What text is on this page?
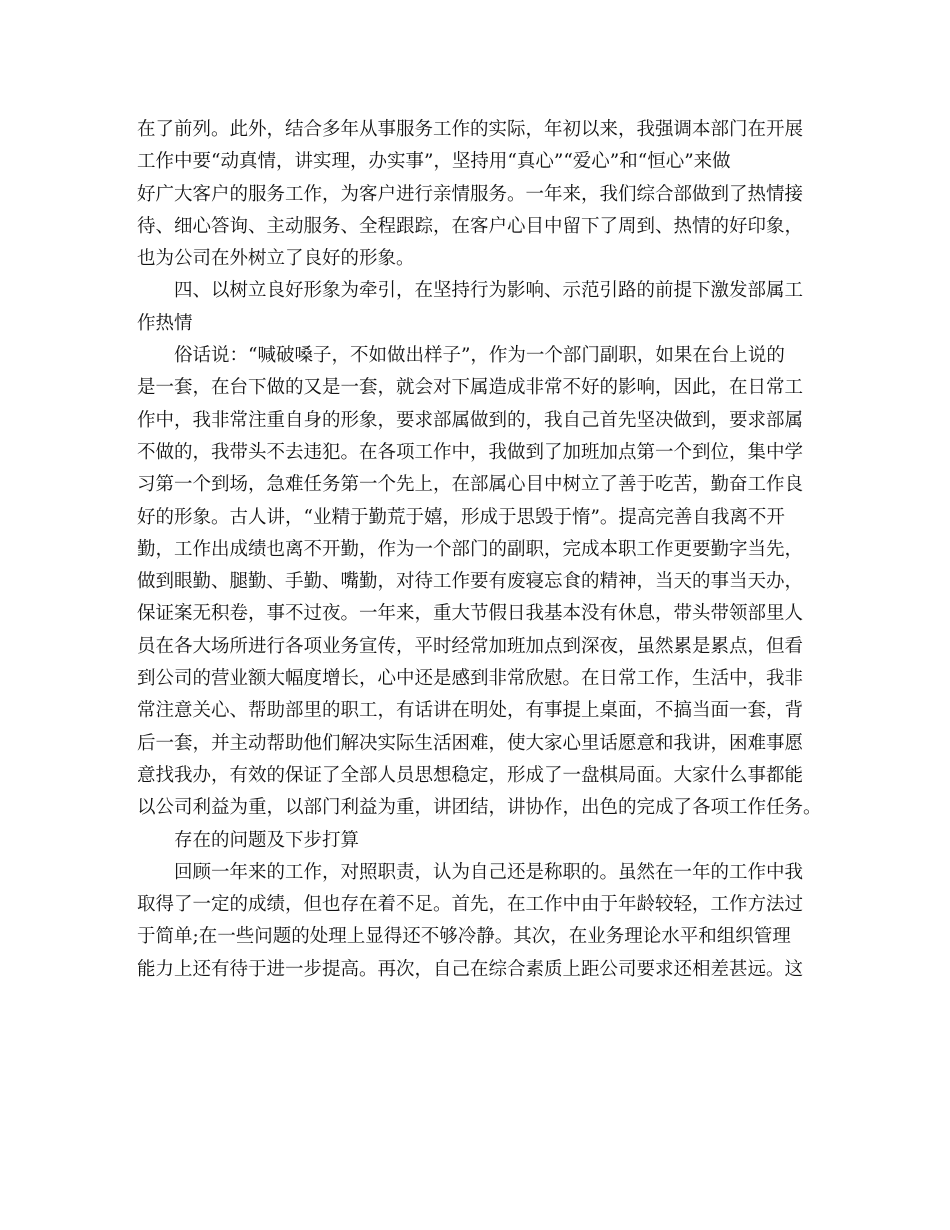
在了前列。此外，结合多年从事服务工作的实际，年初以来，我强调本部门在开展
工作中要“动真情，讲实理，办实事”，坚持用“真心”“爱心”和“恒心”来做
好广大客户的服务工作，为客户进行亲情服务。一年来，我们综合部做到了热情接
待、细心答询、主动服务、全程跟踪，在客户心目中留下了周到、热情的好印象，
也为公司在外树立了良好的形象。
四、以树立良好形象为牵引，在坚持行为影响、示范引路的前提下激发部属工
作热情
俗话说：“喊破嗓子，不如做出样子”，作为一个部门副职，如果在台上说的
是一套，在台下做的又是一套，就会对下属造成非常不好的影响，因此，在日常工
作中，我非常注重自身的形象，要求部属做到的，我自己首先坚决做到，要求部属
不做的，我带头不去违犯。在各项工作中，我做到了加班加点第一个到位，集中学
习第一个到场，急难任务第一个先上，在部属心目中树立了善于吃苦，勤奋工作良
好的形象。古人讲，“业精于勤荒于嬉，形成于思毁于惰”。提高完善自我离不开
勤，工作出成绩也离不开勤，作为一个部门的副职，完成本职工作更要勤字当先，
做到眼勤、腿勤、手勤、嘴勤，对待工作要有废寝忘食的精神，当天的事当天办，
保证案无积卷，事不过夜。一年来，重大节假日我基本没有休息，带头带领部里人
员在各大场所进行各项业务宣传，平时经常加班加点到深夜，虽然累是累点，但看
到公司的营业额大幅度增长，心中还是感到非常欣慰。在日常工作，生活中，我非
常注意关心、帮助部里的职工，有话讲在明处，有事提上桌面，不搞当面一套，背
后一套，并主动帮助他们解决实际生活困难，使大家心里话愿意和我讲，困难事愿
意找我办，有效的保证了全部人员思想稳定，形成了一盘棋局面。大家什么事都能
以公司利益为重，以部门利益为重，讲团结，讲协作，出色的完成了各项工作任务。
存在的问题及下步打算
回顾一年来的工作，对照职责，认为自己还是称职的。虽然在一年的工作中我
取得了一定的成绩，但也存在着不足。首先，在工作中由于年龄较轻，工作方法过
于简单;在一些问题的处理上显得还不够冷静。其次，在业务理论水平和组织管理
能力上还有待于进一步提高。再次，自己在综合素质上距公司要求还相差甚远。这
